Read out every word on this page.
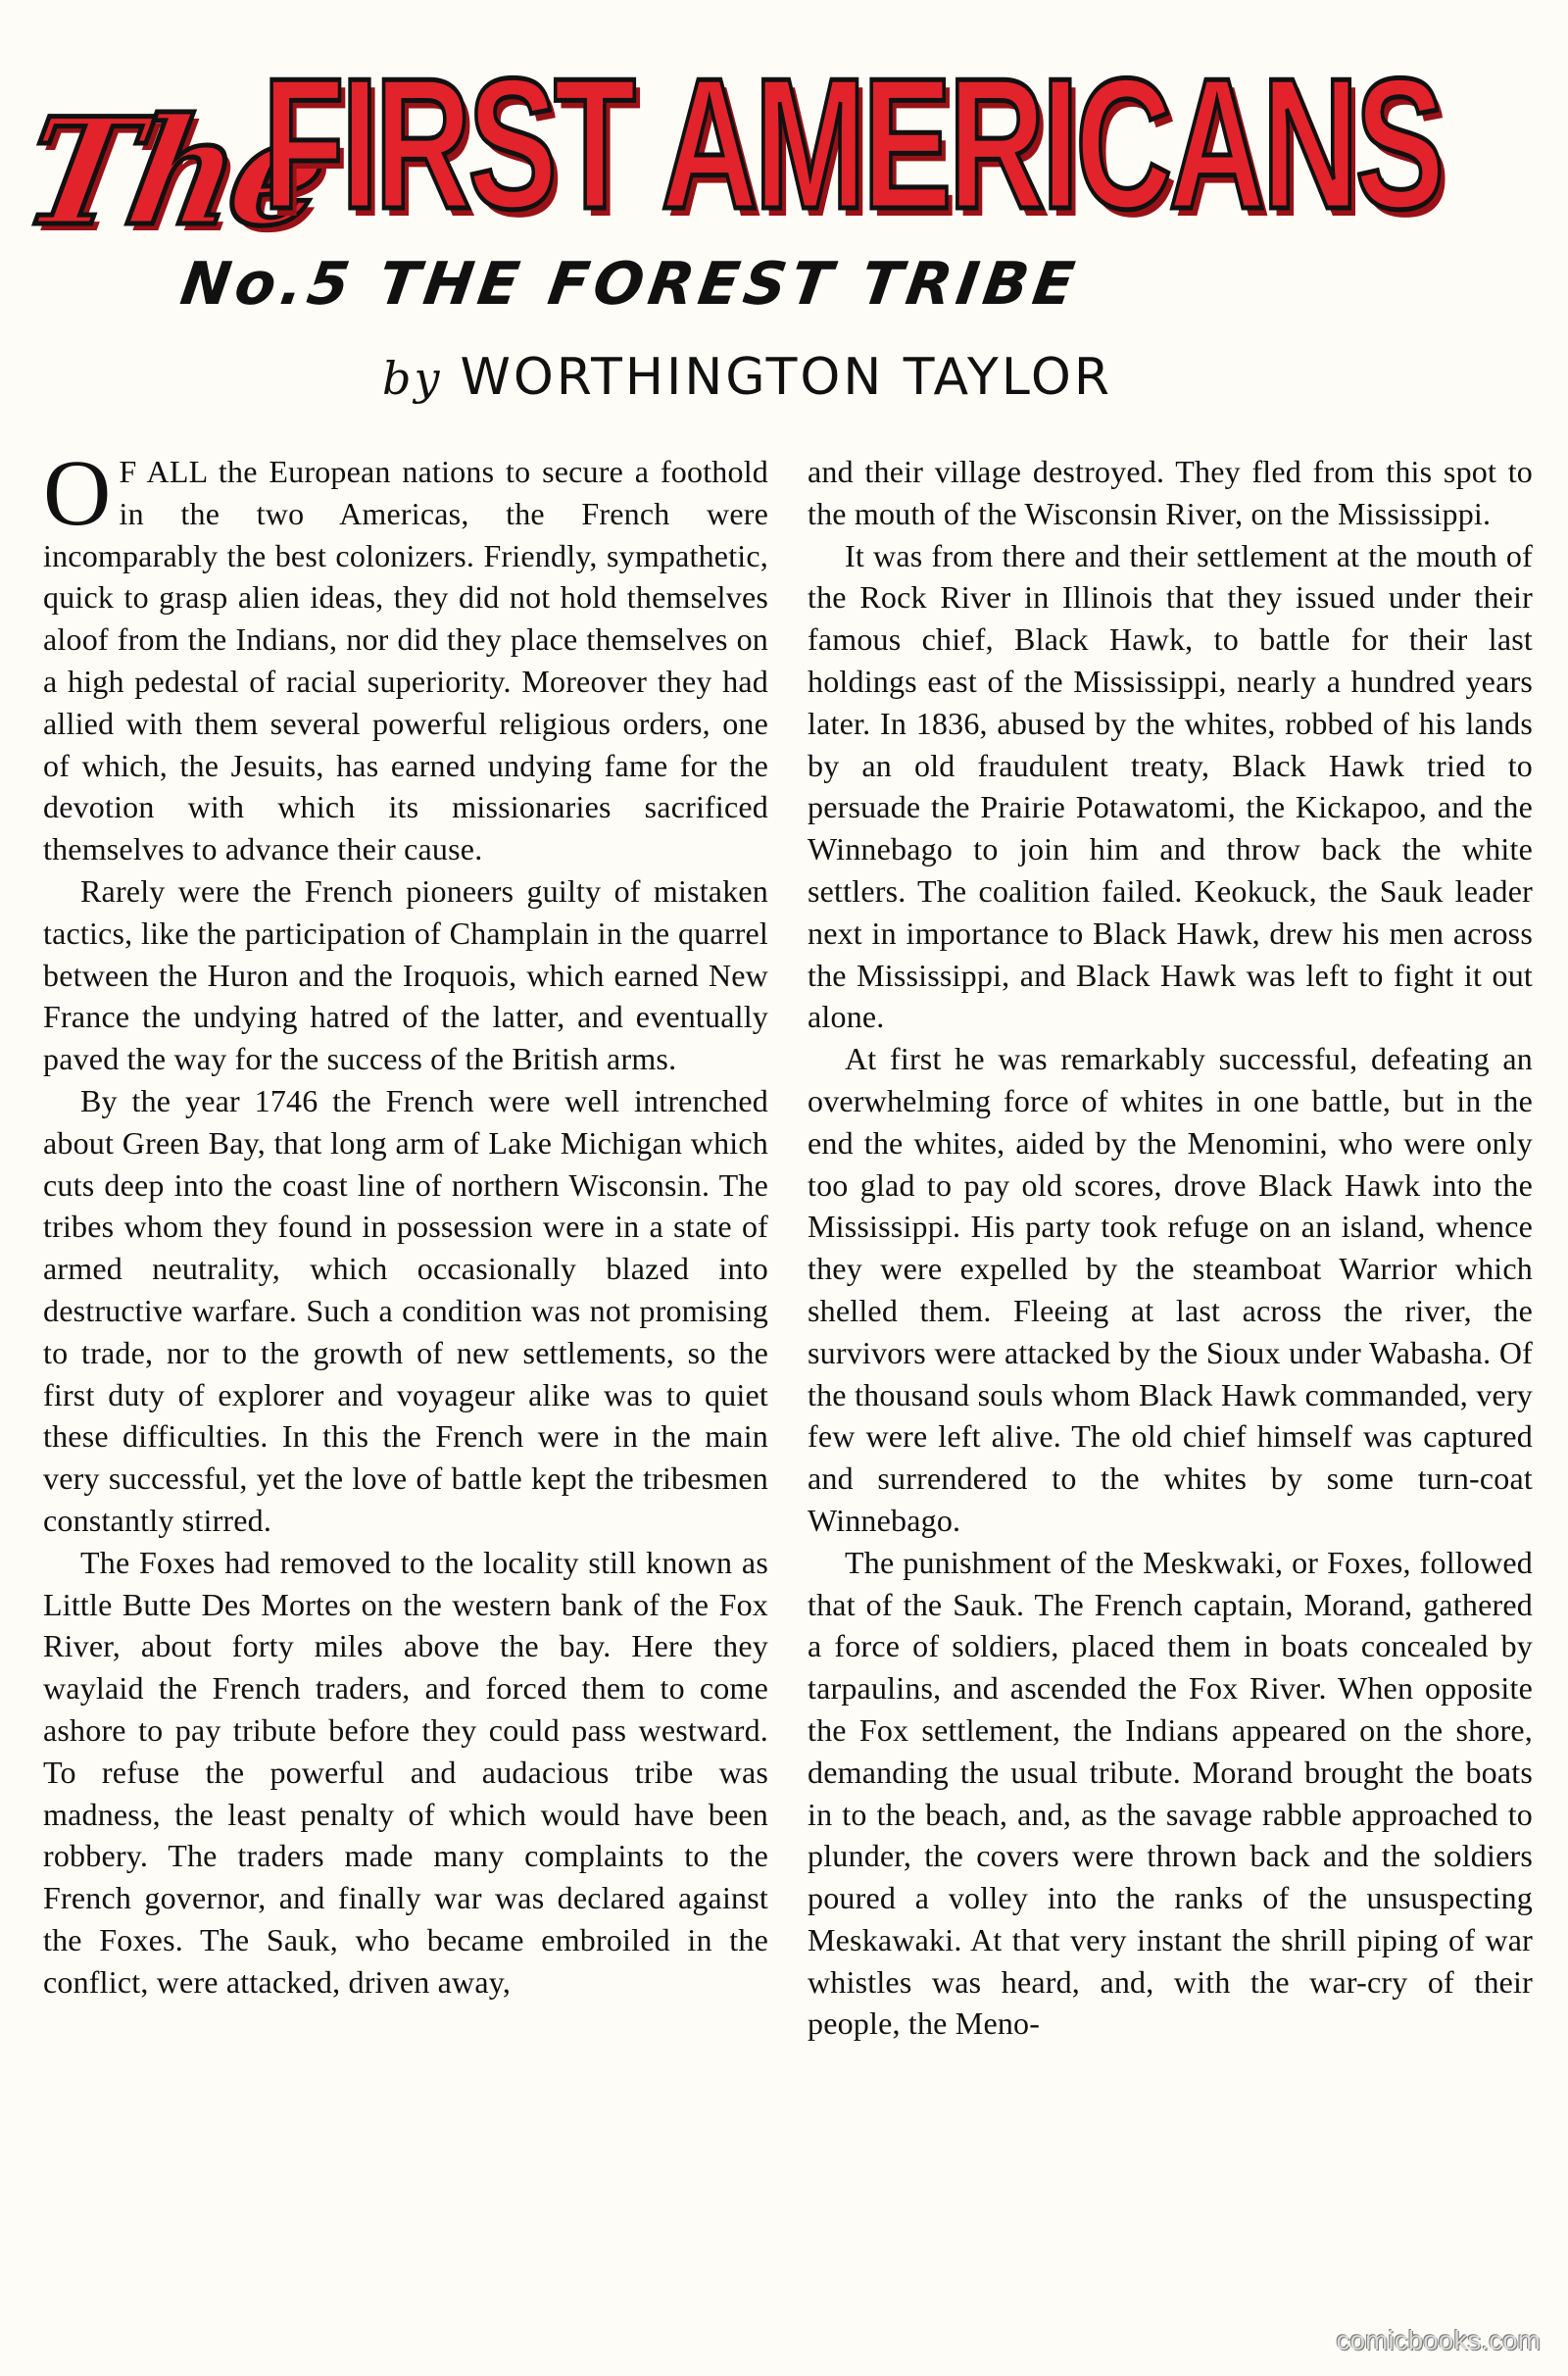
The
FIRST AMERICANS
No.5 THE FOREST TRIBE
by WORTHINGTON TAYLOR

O F ALL the European nations to secure a foothold in the two Americas, the French were incomparably the best colonizers. Friendly, sympathetic, quick to grasp alien ideas, they did not hold themselves aloof from the Indians, nor did they place themselves on a high pedestal of racial superiority. Moreover they had allied with them several powerful religious orders, one of which, the Jesuits, has earned undying fame for the devotion with which its missionaries sacrificed themselves to advance their cause.

Rarely were the French pioneers guilty of mistaken tactics, like the participation of Champlain in the quarrel between the Huron and the Iroquois, which earned New France the undying hatred of the latter, and eventually paved the way for the success of the British arms.

By the year 1746 the French were well intrenched about Green Bay, that long arm of Lake Michigan which cuts deep into the coast line of northern Wisconsin. The tribes whom they found in possession were in a state of armed neutrality, which occasionally blazed into destructive warfare. Such a condition was not promising to trade, nor to the growth of new settlements, so the first duty of explorer and voyageur alike was to quiet these difficulties. In this the French were in the main very successful, yet the love of battle kept the tribesmen constantly stirred.

The Foxes had removed to the locality still known as Little Butte Des Mortes on the western bank of the Fox River, about forty miles above the bay. Here they waylaid the French traders, and forced them to come ashore to pay tribute before they could pass westward. To refuse the powerful and audacious tribe was madness, the least penalty of which would have been robbery. The traders made many complaints to the French governor, and finally war was declared against the Foxes. The Sauk, who became embroiled in the conflict, were attacked, driven away,

and their village destroyed. They fled from this spot to the mouth of the Wisconsin River, on the Mississippi.

It was from there and their settlement at the mouth of the Rock River in Illinois that they issued under their famous chief, Black Hawk, to battle for their last holdings east of the Mississippi, nearly a hundred years later. In 1836, abused by the whites, robbed of his lands by an old fraudulent treaty, Black Hawk tried to persuade the Prairie Potawatomi, the Kickapoo, and the Winnebago to join him and throw back the white settlers. The coalition failed. Keokuck, the Sauk leader next in importance to Black Hawk, drew his men across the Mississippi, and Black Hawk was left to fight it out alone.

At first he was remarkably successful, defeating an overwhelming force of whites in one battle, but in the end the whites, aided by the Menomini, who were only too glad to pay old scores, drove Black Hawk into the Mississippi. His party took refuge on an island, whence they were expelled by the steamboat Warrior which shelled them. Fleeing at last across the river, the survivors were attacked by the Sioux under Wabasha. Of the thousand souls whom Black Hawk commanded, very few were left alive. The old chief himself was captured and surrendered to the whites by some turn-coat Winnebago.

The punishment of the Meskwaki, or Foxes, followed that of the Sauk. The French captain, Morand, gathered a force of soldiers, placed them in boats concealed by tarpaulins, and ascended the Fox River. When opposite the Fox settlement, the Indians appeared on the shore, demanding the usual tribute. Morand brought the boats in to the beach, and, as the savage rabble approached to plunder, the covers were thrown back and the soldiers poured a volley into the ranks of the unsuspecting Meskawaki. At that very instant the shrill piping of war whistles was heard, and, with the war-cry of their people, the Meno-

comicbooks.com
